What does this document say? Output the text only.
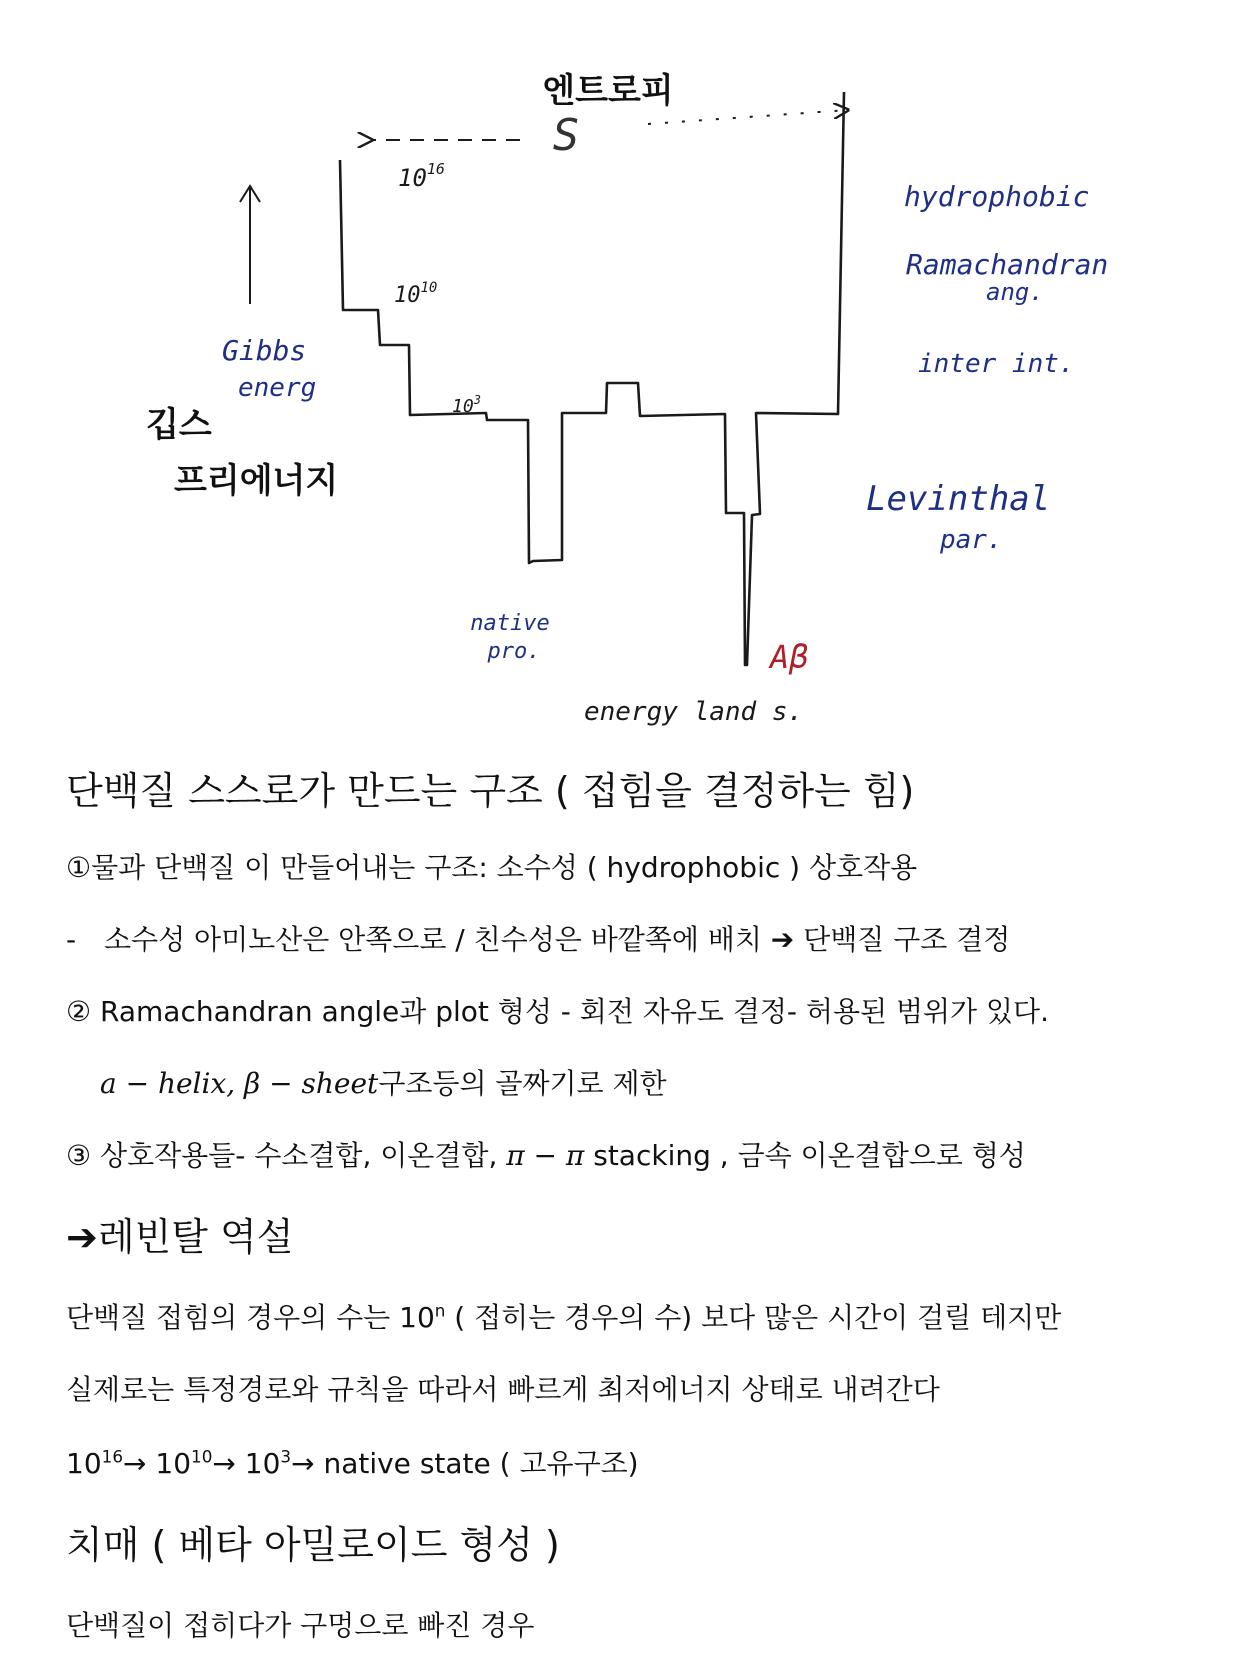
엔트로피
S
Gibbs
energ
깁스
프리에너지
$10^{16}$
$10^{10}$
$10^3$
native
pro.	Aβ
energy land s.
hydrophobic
Ramachandran
ang.
inter int.
Levinthal
par.
단백질 스스로가 만드는 구조 ( 접힘을 결정하는 힘)
①물과 단백질 이 만들어내는 구조: 소수성 ( hydrophobic ) 상호작용
- 소수성 아미노산은 안쪽으로 / 친수성은 바깥쪽에 배치 ➔ 단백질 구조 결정
② Ramachandran angle과 plot 형성 - 회전 자유도 결정- 허용된 범위가 있다.
a − helix, β − sheet구조등의 골짜기로 제한
③ 상호작용들- 수소결합, 이온결합, π − π stacking , 금속 이온결합으로 형성
➔레빈탈 역설
단백질 접힘의 경우의 수는 10$^n$ ( 접히는 경우의 수) 보다 많은 시간이 걸릴 테지만
실제로는 특정경로와 규칙을 따라서 빠르게 최저에너지 상태로 내려간다
$10^{16}\to 10^{10}\to 10^3\to$ native state ( 고유구조)
치매 ( 베타 아밀로이드 형성 )
단백질이 접히다가 구멍으로 빠진 경우
